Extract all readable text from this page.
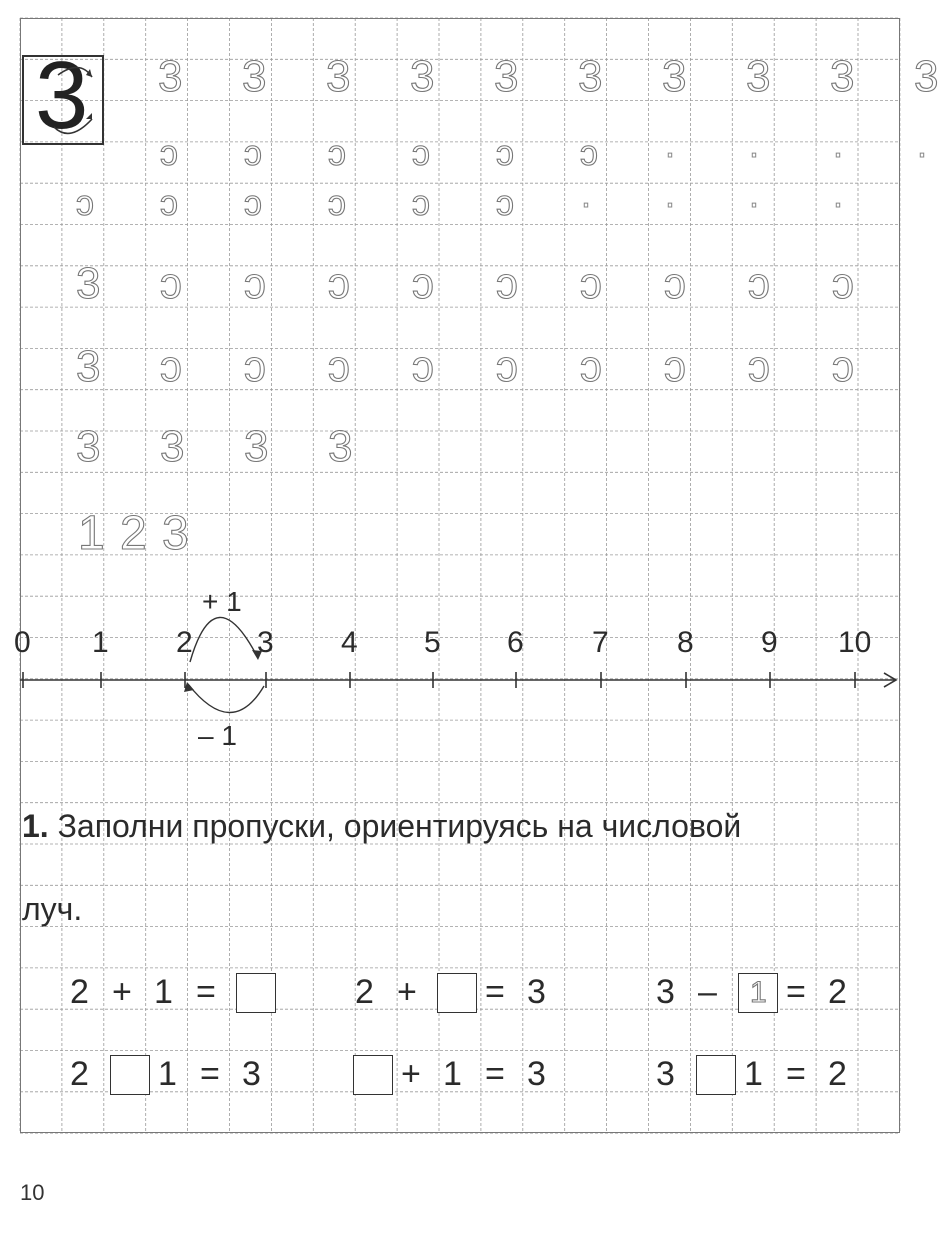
3 3 3 3 3 3 3 3 3 3 3
ↄ ↄ ↄ ↄ ↄ ↄ · · · ·
ↄ ↄ ↄ ↄ ↄ ↄ · · · ·
3 ↄ ↄ ↄ ↄ ↄ ↄ ↄ ↄ ↄ
3 ↄ ↄ ↄ ↄ ↄ ↄ ↄ ↄ ↄ
3 3 3 3
1 2 3
0 1 2 3 4 5 6 7 8 9 10
+ 1
– 1
1. Заполни пропуски, ориентируясь на числовой
луч.
2 + 1 =	2 + = 3	3 – 1 = 2
2 1 = 3	+ 1 = 3	3 1 = 2
10
